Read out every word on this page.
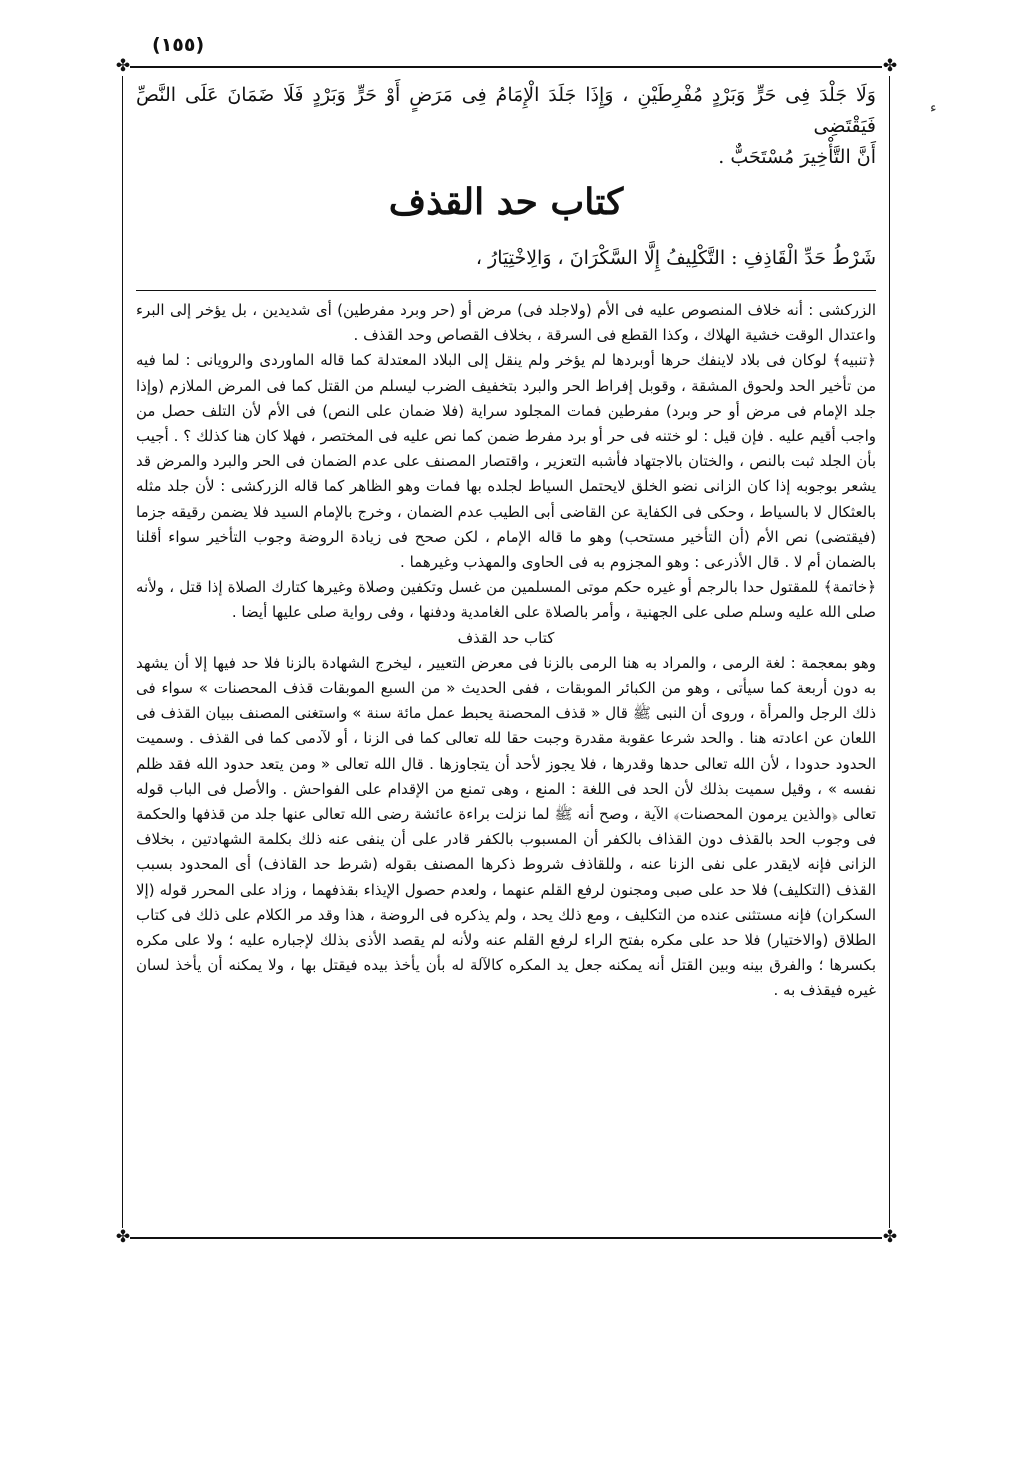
(١٥٥)
✤	✤
ء

وَلَا جَلْدَ فِى حَرٍّ وَبَرْدٍ مُفْرِطَيْنِ ، وَإِذَا جَلَدَ الْإِمَامُ فِى مَرَضٍ أَوْ حَرٍّ وَبَرْدٍ فَلَا ضَمَانَ عَلَى النَّصِّ فَيَقْتَضِى

أَنَّ التَّأْخِيرَ مُسْتَحَبٌّ .

كتاب حد القذف
شَرْطُ حَدِّ الْقَاذِفِ : التَّكْلِيفُ إِلَّا السَّكْرَانَ ، وَالِاخْتِيَارُ ،

الزركشى : أنه خلاف المنصوص عليه فى الأم (ولاجلد فى) مرض أو (حر وبرد مفرطين) أى شديدين ، بل يؤخر إلى البرء واعتدال الوقت خشية الهلاك ، وكذا القطع فى السرقة ، بخلاف القصاص وحد القذف .

﴿تنبيه﴾ لوكان فى بلاد لاينفك حرها أوبردها لم يؤخر ولم ينقل إلى البلاد المعتدلة كما قاله الماوردى والرويانى : لما فيه من تأخير الحد ولحوق المشقة ، وقوبل إفراط الحر والبرد بتخفيف الضرب ليسلم من القتل كما فى المرض الملازم (وإذا جلد الإمام فى مرض أو حر وبرد) مفرطين فمات المجلود سراية (فلا ضمان على النص) فى الأم لأن التلف حصل من واجب أقيم عليه . فإن قيل : لو ختنه فى حر أو برد مفرط ضمن كما نص عليه فى المختصر ، فهلا كان هنا كذلك ؟ . أجيب بأن الجلد ثبت بالنص ، والختان بالاجتهاد فأشبه التعزير ، واقتصار المصنف على عدم الضمان فى الحر والبرد والمرض قد يشعر بوجوبه إذا كان الزانى نضو الخلق لايحتمل السياط لجلده بها فمات وهو الظاهر كما قاله الزركشى : لأن جلد مثله بالعثكال لا بالسياط ، وحكى فى الكفاية عن القاضى أبى الطيب عدم الضمان ، وخرج بالإمام السيد فلا يضمن رقيقه جزما (فيقتضى) نص الأم (أن التأخير مستحب) وهو ما قاله الإمام ، لكن صحح فى زيادة الروضة وجوب التأخير سواء أقلنا بالضمان أم لا . قال الأذرعى : وهو المجزوم به فى الحاوى والمهذب وغيرهما .

﴿خاتمة﴾ للمقتول حدا بالرجم أو غيره حكم موتى المسلمين من غسل وتكفين وصلاة وغيرها كتارك الصلاة إذا قتل ، ولأنه صلى الله عليه وسلم صلى على الجهنية ، وأمر بالصلاة على الغامدية ودفنها ، وفى رواية صلى عليها أيضا .

كتاب حد القذف

وهو بمعجمة : لغة الرمى ، والمراد به هنا الرمى بالزنا فى معرض التعيير ، ليخرج الشهادة بالزنا فلا حد فيها إلا أن يشهد به دون أربعة كما سيأتى ، وهو من الكبائر الموبقات ، ففى الحديث « من السبع الموبقات قذف المحصنات » سواء فى ذلك الرجل والمرأة ، وروى أن النبى ﷺ قال « قذف المحصنة يحبط عمل مائة سنة » واستغنى المصنف ببيان القذف فى اللعان عن اعادته هنا . والحد شرعا عقوبة مقدرة وجبت حقا لله تعالى كما فى الزنا ، أو لآدمى كما فى القذف . وسميت الحدود حدودا ، لأن الله تعالى حدها وقدرها ، فلا يجوز لأحد أن يتجاوزها . قال الله تعالى « ومن يتعد حدود الله فقد ظلم نفسه » ، وقيل سميت بذلك لأن الحد فى اللغة : المنع ، وهى تمنع من الإقدام على الفواحش . والأصل فى الباب قوله تعالى ﴿والذين يرمون المحصنات﴾ الآية ، وصح أنه ﷺ لما نزلت براءة عائشة رضى الله تعالى عنها جلد من قذفها والحكمة فى وجوب الحد بالقذف دون القذاف بالكفر أن المسبوب بالكفر قادر على أن ينفى عنه ذلك بكلمة الشهادتين ، بخلاف الزانى فإنه لايقدر على نفى الزنا عنه ، وللقاذف شروط ذكرها المصنف بقوله (شرط حد القاذف) أى المحدود بسبب القذف (التكليف) فلا حد على صبى ومجنون لرفع القلم عنهما ، ولعدم حصول الإيذاء بقذفهما ، وزاد على المحرر قوله (إلا السكران) فإنه مستثنى عنده من التكليف ، ومع ذلك يحد ، ولم يذكره فى الروضة ، هذا وقد مر الكلام على ذلك فى كتاب الطلاق (والاختيار) فلا حد على مكره بفتح الراء لرفع القلم عنه ولأنه لم يقصد الأذى بذلك لإجباره عليه ؛ ولا على مكره بكسرها ؛ والفرق بينه وبين القتل أنه يمكنه جعل يد المكره كالآلة له بأن يأخذ بيده فيقتل بها ، ولا يمكنه أن يأخذ لسان غيره فيقذف به .

✤	✤
